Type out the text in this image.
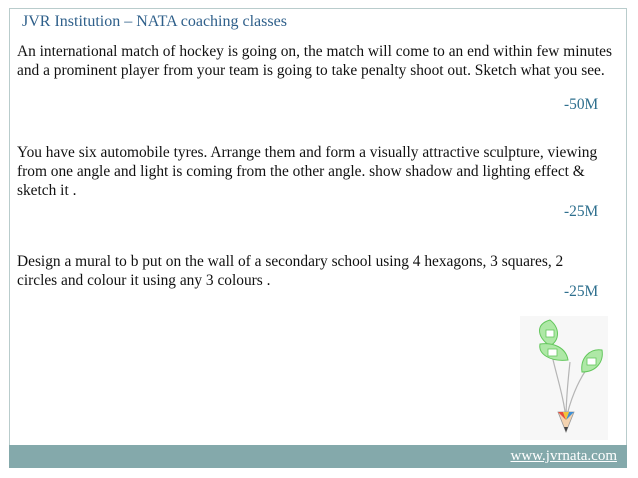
JVR Institution – NATA coaching classes
An international match of hockey is going on, the match will come to an end within few minutes and a prominent player from your team is going to take penalty shoot out. Sketch what you see.
-50M
You have six automobile tyres. Arrange them and form a visually attractive sculpture, viewing from one angle and light is coming from the other angle. show shadow and lighting effect & sketch it .
-25M
Design a mural to b put on the wall of a secondary school using 4 hexagons, 3 squares, 2 circles and colour it using any 3 colours .
-25M
www.jvrnata.com
